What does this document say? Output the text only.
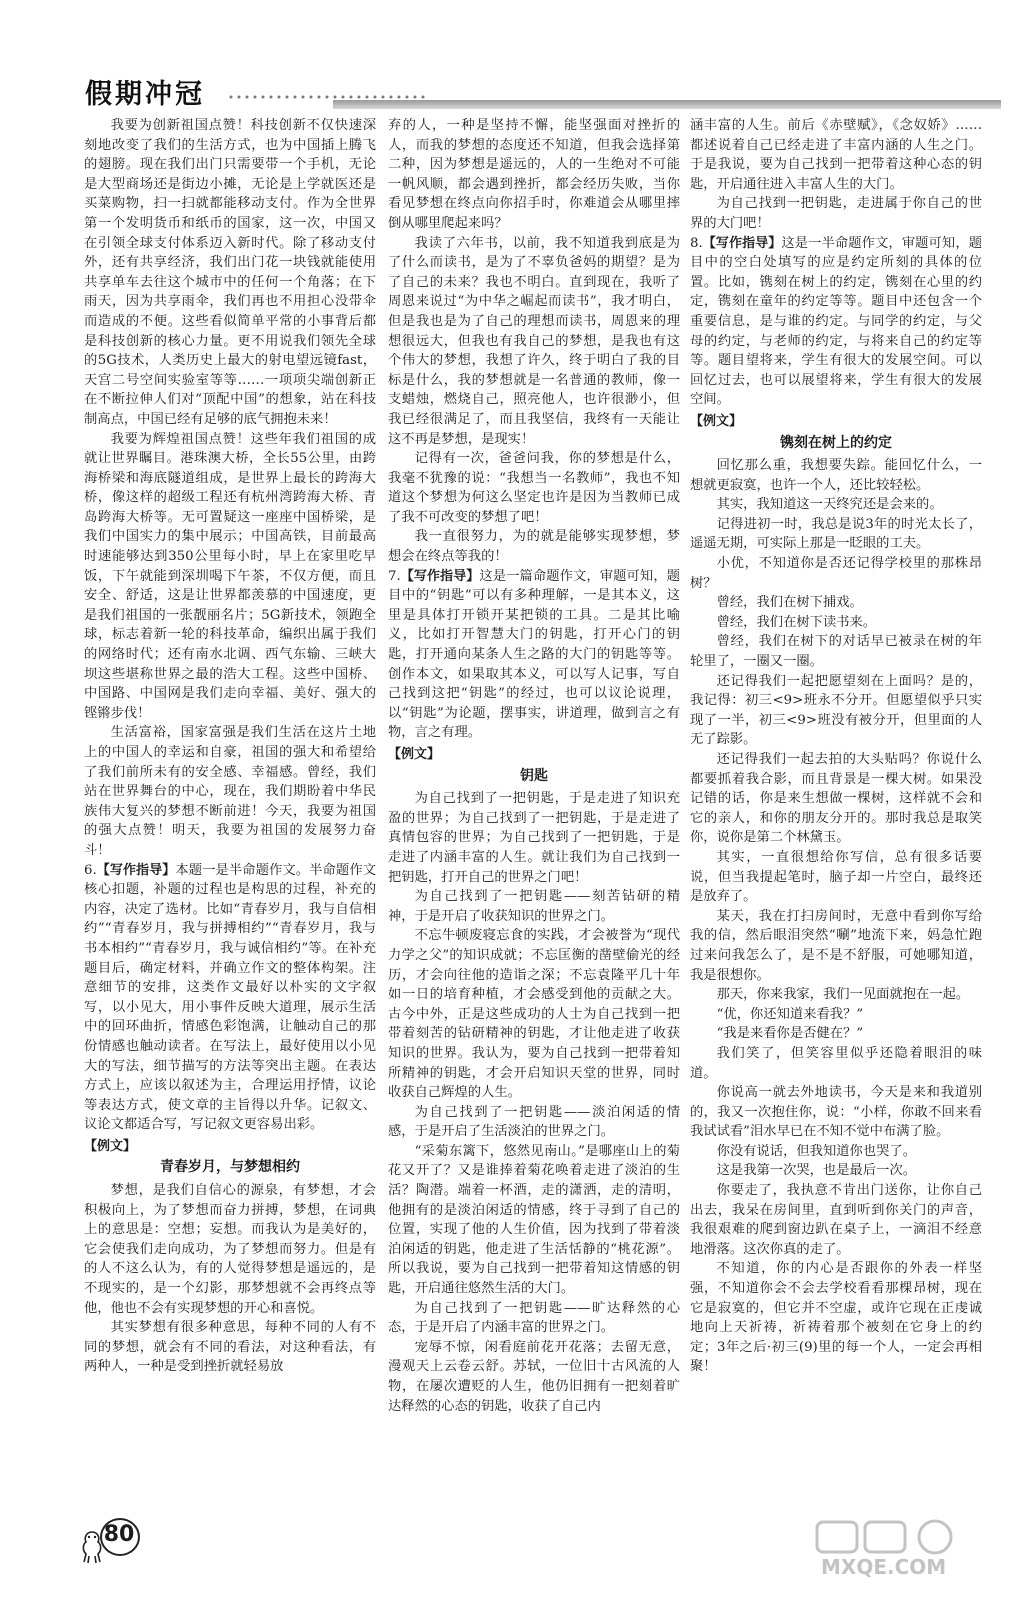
假期冲冠

我要为创新祖国点赞！科技创新不仅快速深刻地改变了我们的生活方式，也为中国插上腾飞的翅膀。现在我们出门只需要带一个手机，无论是大型商场还是街边小摊，无论是上学就医还是买菜购物，扫一扫就都能移动支付。作为全世界第一个发明货币和纸币的国家，这一次，中国又在引领全球支付体系迈入新时代。除了移动支付外，还有共享经济，我们出门花一块钱就能使用共享单车去往这个城市中的任何一个角落；在下雨天，因为共享雨伞，我们再也不用担心没带伞而造成的不便。这些看似简单平常的小事背后都是科技创新的核心力量。更不用说我们领先全球的5G技术，人类历史上最大的射电望远镜fast，天宫二号空间实验室等等……一项项尖端创新正在不断拉伸人们对“顶配中国”的想象，站在科技制高点，中国已经有足够的底气拥抱未来！

我要为辉煌祖国点赞！这些年我们祖国的成就让世界瞩目。港珠澳大桥，全长55公里，由跨海桥梁和海底隧道组成，是世界上最长的跨海大桥，像这样的超级工程还有杭州湾跨海大桥、青岛跨海大桥等。无可置疑这一座座中国桥梁，是我们中国实力的集中展示；中国高铁，目前最高时速能够达到350公里每小时，早上在家里吃早饭，下午就能到深圳喝下午茶，不仅方便，而且安全、舒适，这是让世界都羡慕的中国速度，更是我们祖国的一张靓丽名片；5G新技术，领跑全球，标志着新一轮的科技革命，编织出属于我们的网络时代；还有南水北调、西气东输、三峡大坝这些堪称世界之最的浩大工程。这些中国桥、中国路、中国网是我们走向幸福、美好、强大的铿锵步伐！

生活富裕，国家富强是我们生活在这片土地上的中国人的幸运和自豪，祖国的强大和希望给了我们前所未有的安全感、幸福感。曾经，我们站在世界舞台的中心，现在，我们期盼着中华民族伟大复兴的梦想不断前进！今天，我要为祖国的强大点赞！明天，我要为祖国的发展努力奋斗！

6.【写作指导】本题一是半命题作文。半命题作文核心扣题，补题的过程也是构思的过程，补充的内容，决定了选材。比如“青春岁月，我与自信相约”“青春岁月，我与拼搏相约”“青春岁月，我与书本相约”“青春岁月，我与诚信相约”等。在补充题目后，确定材料，并确立作文的整体构架。注意细节的安排，这类作文最好以朴实的文字叙写，以小见大，用小事件反映大道理，展示生活中的回环曲折，情感色彩饱满，让触动自己的那份情感也触动读者。在写法上，最好使用以小见大的写法，细节描写的方法等突出主题。在表达方式上，应该以叙述为主，合理运用抒情，议论等表达方式，使文章的主旨得以升华。记叙文、议论文都适合写，写记叙文更容易出彩。

【例文】
青春岁月，与梦想相约

梦想，是我们自信心的源泉，有梦想，才会积极向上，为了梦想而奋力拼搏，梦想，在词典上的意思是：空想；妄想。而我认为是美好的，它会使我们走向成功，为了梦想而努力。但是有的人不这么认为，有的人觉得梦想是遥远的，是不现实的，是一个幻影，那梦想就不会再终点等他，他也不会有实现梦想的开心和喜悦。

其实梦想有很多种意思，每种不同的人有不同的梦想，就会有不同的看法，对这种看法，有两种人，一种是受到挫折就轻易放

弃的人，一种是坚持不懈，能坚强面对挫折的人，而我的梦想的态度还不知道，但我会选择第二种，因为梦想是遥远的，人的一生绝对不可能一帆风顺，都会遇到挫折，都会经历失败，当你看见梦想在终点向你招手时，你难道会从哪里摔倒从哪里爬起来吗？

我读了六年书，以前，我不知道我到底是为了什么而读书，是为了不辜负爸妈的期望？是为了自己的未来？我也不明白。直到现在，我听了周恩来说过“为中华之崛起而读书”，我才明白，但是我也是为了自己的理想而读书，周恩来的理想很远大，但我也有我自己的梦想，是我也有这个伟大的梦想，我想了许久，终于明白了我的目标是什么，我的梦想就是一名普通的教师，像一支蜡烛，燃烧自己，照亮他人，也许很渺小，但我已经很满足了，而且我坚信，我终有一天能让这不再是梦想，是现实！

记得有一次，爸爸问我，你的梦想是什么，我毫不犹豫的说：“我想当一名教师”，我也不知道这个梦想为何这么坚定也许是因为当教师已成了我不可改变的梦想了吧！

我一直很努力，为的就是能够实现梦想，梦想会在终点等我的！

7.【写作指导】这是一篇命题作文，审题可知，题目中的“钥匙”可以有多种理解，一是其本义，这里是具体打开锁开某把锁的工具。二是其比喻义，比如打开智慧大门的钥匙，打开心门的钥匙，打开通向某条人生之路的大门的钥匙等等。创作本文，如果取其本义，可以写人记事，写自己找到这把“钥匙”的经过，也可以议论说理，以“钥匙”为论题，摆事实，讲道理，做到言之有物，言之有理。

【例文】
钥匙

为自己找到了一把钥匙，于是走进了知识充盈的世界；为自己找到了一把钥匙，于是走进了真情包容的世界；为自己找到了一把钥匙，于是走进了内涵丰富的人生。就让我们为自己找到一把钥匙，打开自己的世界之门吧！

为自己找到了一把钥匙——刻苦钻研的精神，于是开启了收获知识的世界之门。

不忘牛顿废寝忘食的实践，才会被誉为“现代力学之父”的知识成就；不忘匡衡的凿壁偷光的经历，才会向往他的造诣之深；不忘袁隆平几十年如一日的培育种植，才会感受到他的贡献之大。古今中外，正是这些成功的人士为自己找到一把带着刻苦的钻研精神的钥匙，才让他走进了收获知识的世界。我认为，要为自己找到一把带着知所精神的钥匙，才会开启知识天堂的世界，同时收获自己辉煌的人生。

为自己找到了一把钥匙——淡泊闲适的情感，于是开启了生活淡泊的世界之门。

“采菊东篱下，悠然见南山。”是哪座山上的菊花又开了？又是谁捧着菊花唤着走进了淡泊的生活？陶潜。端着一杯酒，走的潇洒，走的清明，他拥有的是淡泊闲适的情感，终于寻到了自己的位置，实现了他的人生价值，因为找到了带着淡泊闲适的钥匙，他走进了生活恬静的“桃花源”。所以我说，要为自己找到一把带着知这情感的钥匙，开启通往悠然生活的大门。

为自己找到了一把钥匙——旷达释然的心态，于是开启了内涵丰富的世界之门。

宠辱不惊，闲看庭前花开花落；去留无意，漫观天上云卷云舒。苏轼，一位旧十古风流的人物，在屡次遭贬的人生，他仍旧拥有一把刻着旷达释然的心态的钥匙，收获了自己内

涵丰富的人生。前后《赤壁赋》，《念奴娇》……都述说着自己已经走进了丰富内涵的人生之门。于是我说，要为自己找到一把带着这种心态的钥匙，开启通往进入丰富人生的大门。

为自己找到一把钥匙，走进属于你自己的世界的大门吧！

8.【写作指导】这是一半命题作文，审题可知，题目中的空白处填写的应是约定所刻的具体的位置。比如，镌刻在树上的约定，镌刻在心里的约定，镌刻在童年的约定等等。题目中还包含一个重要信息，是与谁的约定。与同学的约定，与父母的约定，与老师的约定，与将来自己的约定等等。题目望将来，学生有很大的发展空间。可以回忆过去，也可以展望将来，学生有很大的发展空间。

【例文】
镌刻在树上的约定

回忆那么重，我想要失踪。能回忆什么，一想就更寂寞，也许一个人，还比较轻松。

其实，我知道这一天终究还是会来的。

记得进初一时，我总是说3年的时光太长了，遥遥无期，可实际上那是一眨眼的工夫。

小优，不知道你是否还记得学校里的那株昂树？

曾经，我们在树下捕戏。

曾经，我们在树下读书来。

曾经，我们在树下的对话早已被录在树的年轮里了，一圈又一圈。

还记得我们一起把愿望刻在上面吗？是的，我记得：初三<9>班永不分开。但愿望似乎只实现了一半，初三<9>班没有被分开，但里面的人无了踪影。

还记得我们一起去拍的大头贴吗？你说什么都要抓着我合影，而且背景是一棵大树。如果没记错的话，你是来生想做一棵树，这样就不会和它的亲人，和你的朋友分开的。那时我总是取笑你，说你是第二个林黛玉。

其实，一直很想给你写信，总有很多话要说，但当我提起笔时，脑子却一片空白，最终还是放弃了。

某天，我在打扫房间时，无意中看到你写给我的信，然后眼泪突然“唰”地流下来，妈急忙跑过来问我怎么了，是不是不舒服，可她哪知道，我是很想你。

那天，你来我家，我们一见面就抱在一起。

“优，你还知道来看我？”

“我是来看你是否健在？”

我们笑了，但笑容里似乎还隐着眼泪的味道。

你说高一就去外地读书，今天是来和我道别的，我又一次抱住你，说：“小样，你敢不回来看我试试看”泪水早已在不知不觉中布满了脸。

你没有说话，但我知道你也哭了。

这是我第一次哭，也是最后一次。

你要走了，我执意不肯出门送你，让你自己出去，我呆在房间里，直到听到你关门的声音，我很艰难的爬到窗边趴在桌子上，一滴泪不经意地滑落。这次你真的走了。

不知道，你的内心是否跟你的外表一样坚强，不知道你会不会去学校看看那棵昂树，现在它是寂寞的，但它并不空虚，或许它现在正虔诚地向上天祈祷，祈祷着那个被刻在它身上的约定；3年之后·初三(9)里的每一个人，一定会再相聚！

80
MXQE.COM
